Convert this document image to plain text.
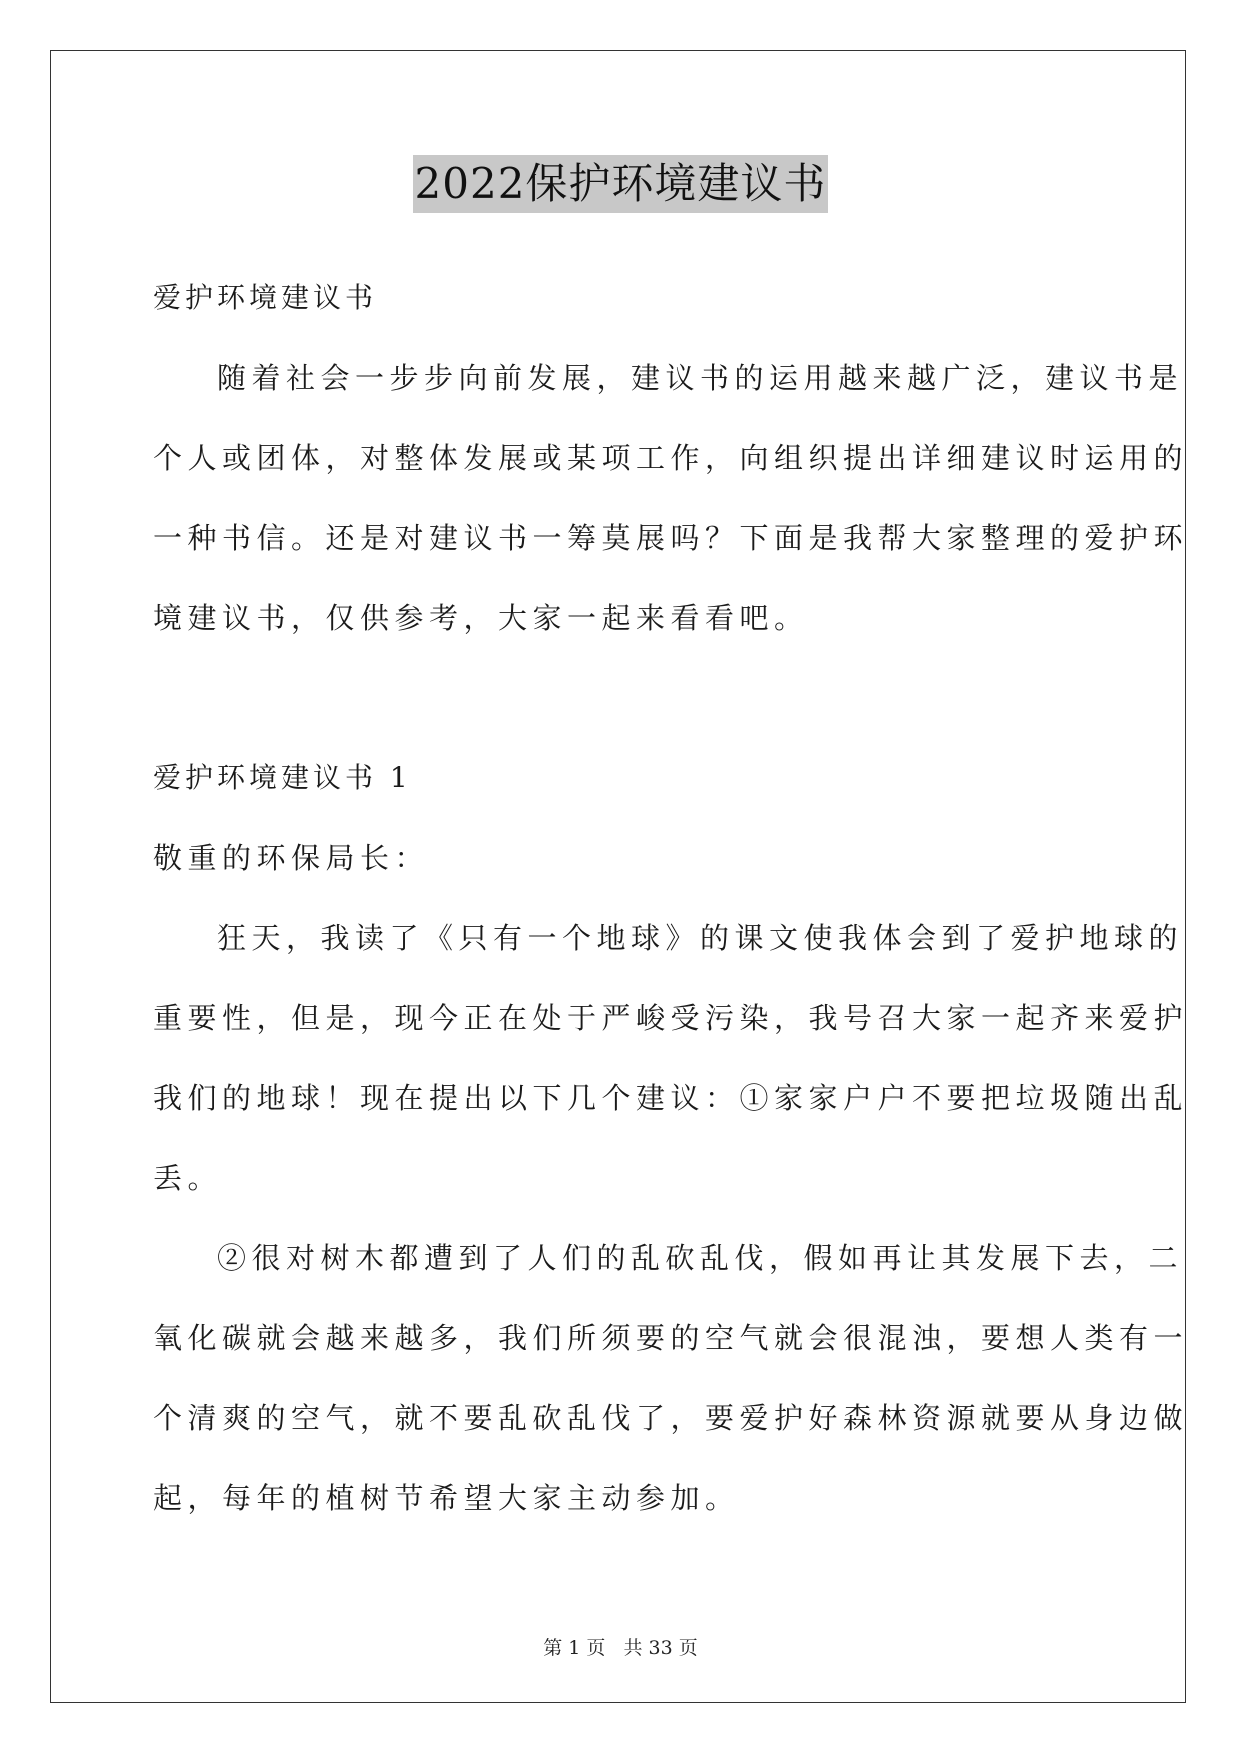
2022保护环境建议书
爱护环境建议书
随着社会一步步向前发展，建议书的运用越来越广泛，建议书是
个人或团体，对整体发展或某项工作，向组织提出详细建议时运用的
一种书信。还是对建议书一筹莫展吗？下面是我帮大家整理的爱护环
境建议书，仅供参考，大家一起来看看吧。
爱护环境建议书 1
敬重的环保局长：
狂天，我读了《只有一个地球》的课文使我体会到了爱护地球的
重要性，但是，现今正在处于严峻受污染，我号召大家一起齐来爱护
我们的地球！现在提出以下几个建议：①家家户户不要把垃圾随出乱
丢。
②很对树木都遭到了人们的乱砍乱伐，假如再让其发展下去，二
氧化碳就会越来越多，我们所须要的空气就会很混浊，要想人类有一
个清爽的空气，就不要乱砍乱伐了，要爱护好森林资源就要从身边做
起，每年的植树节希望大家主动参加。
第 1 页 共 33 页
